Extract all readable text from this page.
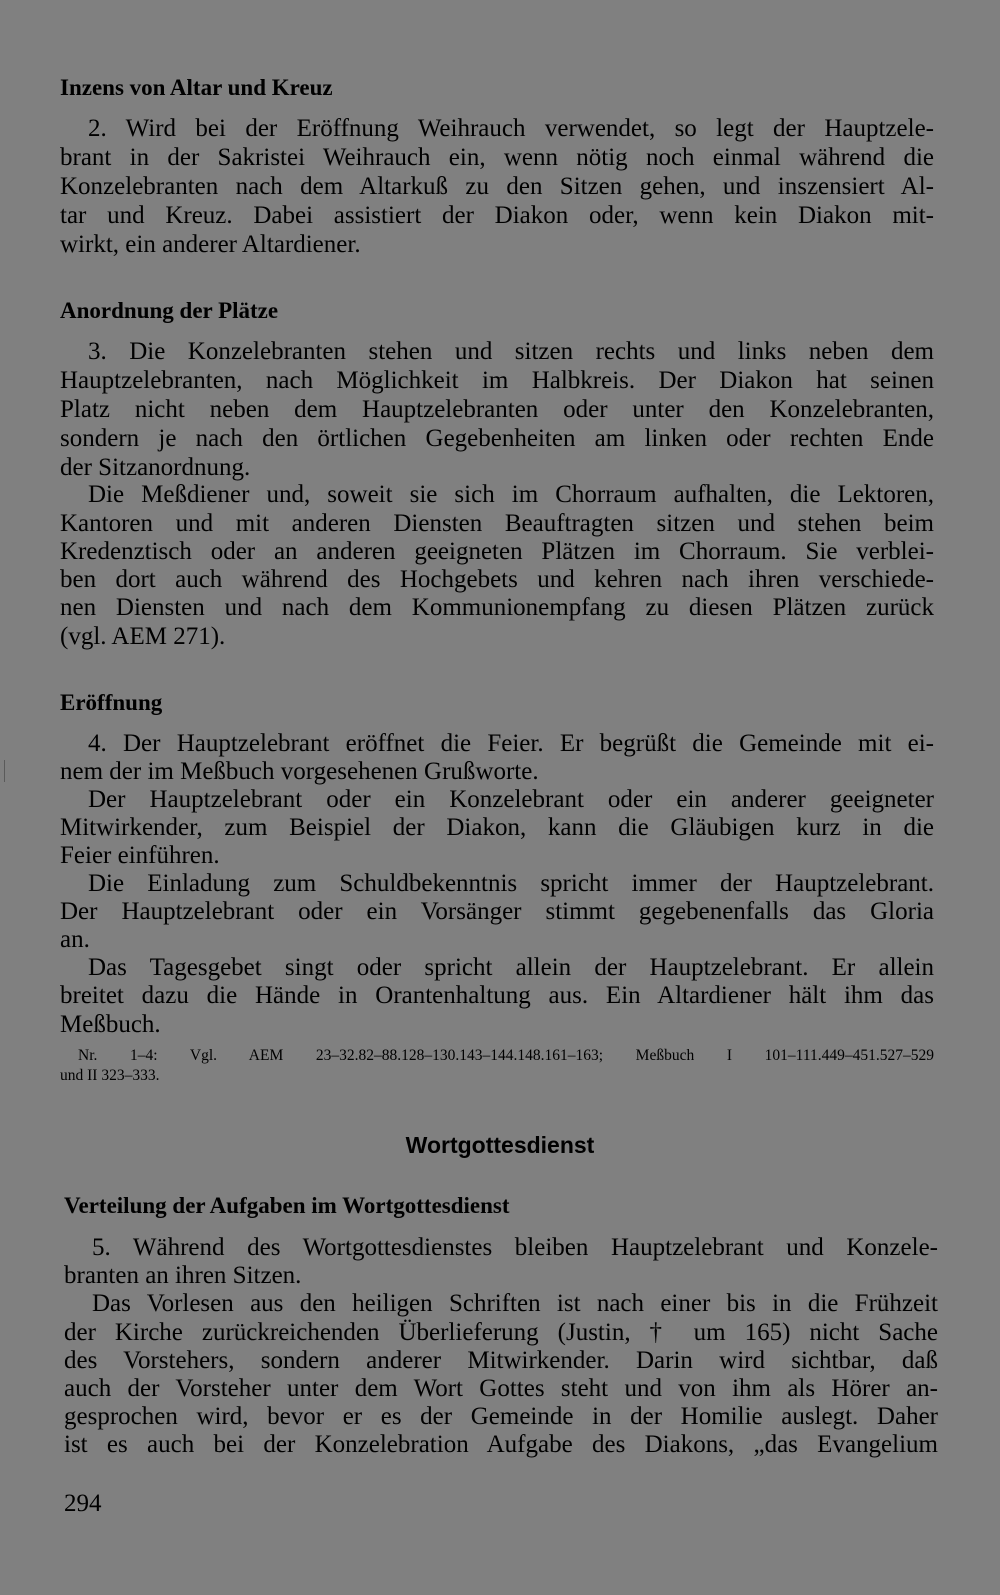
Inzens von Altar und Kreuz
2. Wird bei der Eröffnung Weihrauch verwendet, so legt der Hauptzele-
brant in der Sakristei Weihrauch ein, wenn nötig noch einmal während die
Konzelebranten nach dem Altarkuß zu den Sitzen gehen, und inszensiert Al-
tar und Kreuz. Dabei assistiert der Diakon oder, wenn kein Diakon mit-
wirkt, ein anderer Altardiener.
Anordnung der Plätze
3. Die Konzelebranten stehen und sitzen rechts und links neben dem
Hauptzelebranten, nach Möglichkeit im Halbkreis. Der Diakon hat seinen
Platz nicht neben dem Hauptzelebranten oder unter den Konzelebranten,
sondern je nach den örtlichen Gegebenheiten am linken oder rechten Ende
der Sitzanordnung.
Die Meßdiener und, soweit sie sich im Chorraum aufhalten, die Lektoren,
Kantoren und mit anderen Diensten Beauftragten sitzen und stehen beim
Kredenztisch oder an anderen geeigneten Plätzen im Chorraum. Sie verblei-
ben dort auch während des Hochgebets und kehren nach ihren verschiede-
nen Diensten und nach dem Kommunionempfang zu diesen Plätzen zurück
(vgl. AEM 271).
Eröffnung
4. Der Hauptzelebrant eröffnet die Feier. Er begrüßt die Gemeinde mit ei-
nem der im Meßbuch vorgesehenen Grußworte.
Der Hauptzelebrant oder ein Konzelebrant oder ein anderer geeigneter
Mitwirkender, zum Beispiel der Diakon, kann die Gläubigen kurz in die
Feier einführen.
Die Einladung zum Schuldbekenntnis spricht immer der Hauptzelebrant.
Der Hauptzelebrant oder ein Vorsänger stimmt gegebenenfalls das Gloria
an.
Das Tagesgebet singt oder spricht allein der Hauptzelebrant. Er allein
breitet dazu die Hände in Orantenhaltung aus. Ein Altardiener hält ihm das
Meßbuch.
Nr. 1–4: Vgl. AEM 23–32.82–88.128–130.143–144.148.161–163; Meßbuch I 101–111.449–451.527–529
und II 323–333.
Wortgottesdienst
Verteilung der Aufgaben im Wortgottesdienst
5. Während des Wortgottesdienstes bleiben Hauptzelebrant und Konzele-
branten an ihren Sitzen.
Das Vorlesen aus den heiligen Schriften ist nach einer bis in die Frühzeit
der Kirche zurückreichenden Überlieferung (Justin, † um 165) nicht Sache
des Vorstehers, sondern anderer Mitwirkender. Darin wird sichtbar, daß
auch der Vorsteher unter dem Wort Gottes steht und von ihm als Hörer an-
gesprochen wird, bevor er es der Gemeinde in der Homilie auslegt. Daher
ist es auch bei der Konzelebration Aufgabe des Diakons, „das Evangelium
294
